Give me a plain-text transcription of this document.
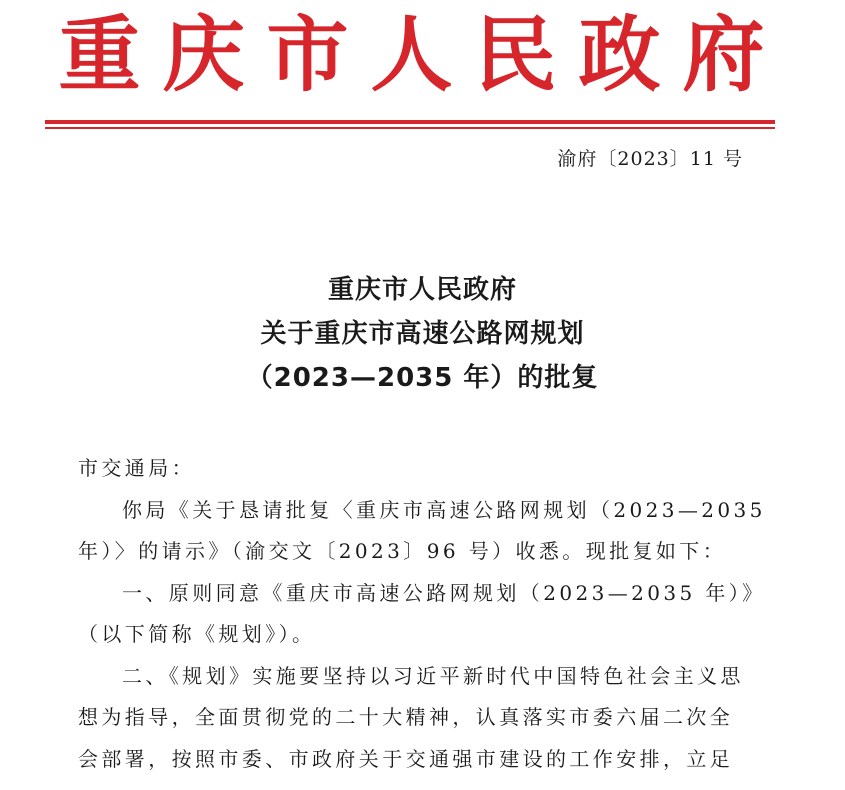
重庆市人民政府
渝府〔2023〕11 号
重庆市人民政府
关于重庆市高速公路网规划
（2023—2035 年）的批复

市交通局：

你局《关于恳请批复〈重庆市高速公路网规划（2023—2035

年）〉的请示》（渝交文〔2023〕96 号）收悉。现批复如下：

一、原则同意《重庆市高速公路网规划（2023—2035 年）》

（以下简称《规划》）。

二、《规划》实施要坚持以习近平新时代中国特色社会主义思

想为指导，全面贯彻党的二十大精神，认真落实市委六届二次全

会部署，按照市委、市政府关于交通强市建设的工作安排，立足
